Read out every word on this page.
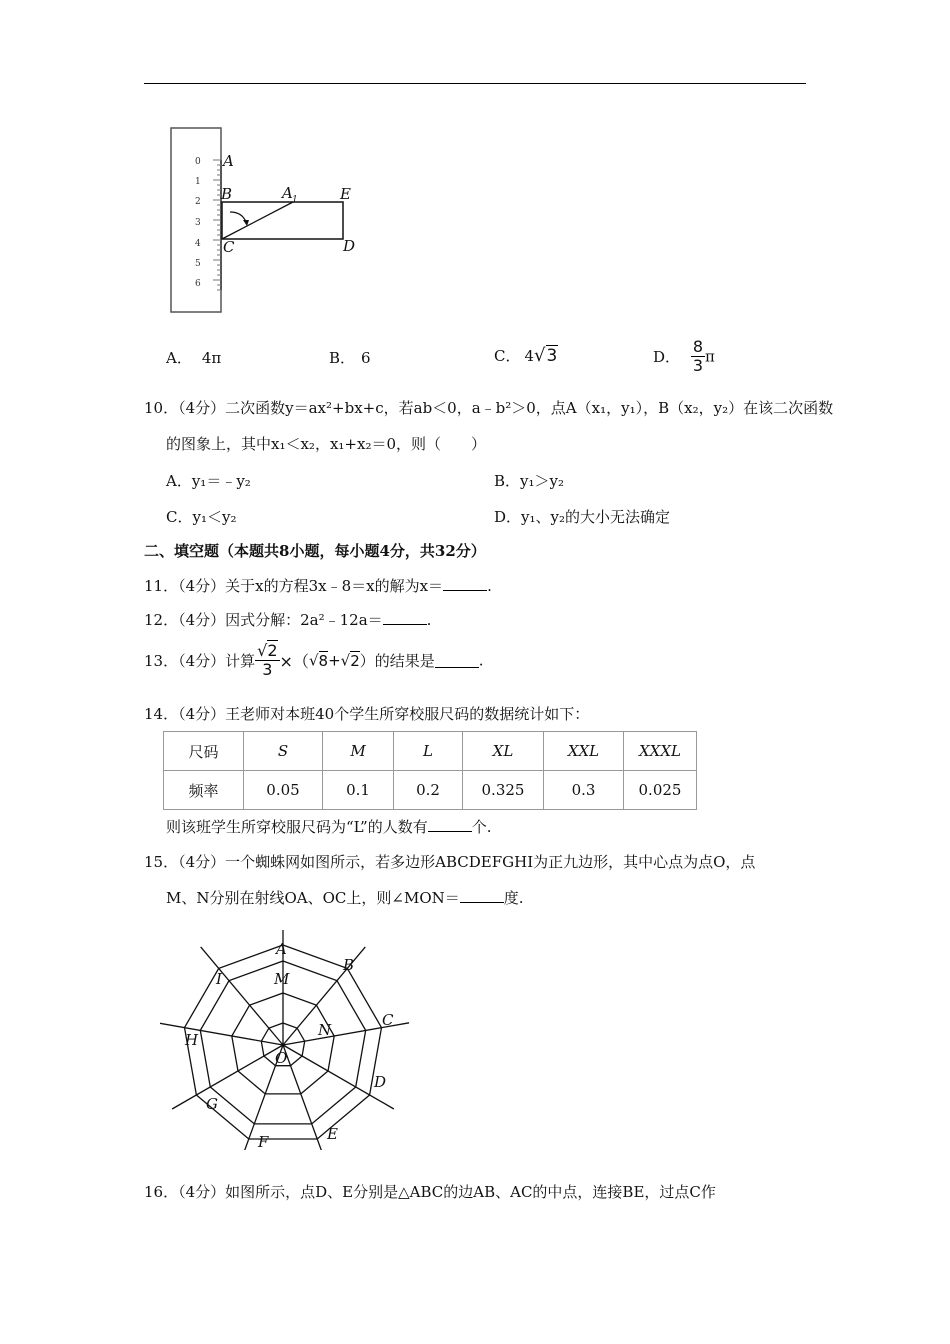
0
1
2
3
4
5
6
A
B
C	D
E
A 1
A． 4π	B． 6	C． 4√3	D． $\frac{8}{3}$ π
10．（4分）二次函数y＝ax²+bx+c，若ab＜0，a﹣b²＞0，点A（x₁，y₁），B（x₂，y₂）在该二次函数
的图象上，其中x₁＜x₂，x₁+x₂＝0，则（　　）
A．y₁＝﹣y₂	B．y₁＞y₂
C．y₁＜y₂	D．y₁、y₂的大小无法确定
二、填空题（本题共8小题，每小题4分，共32分）
11．（4分）关于x的方程3x﹣8＝x的解为x＝	.
12．（4分）因式分解：2a²﹣12a＝	.
13．（4分）计算 $\frac{√2}{3} \times(√8+√2)$的结果是	.
14．（4分）王老师对本班40个学生所穿校服尺码的数据统计如下：
尺码	S	M	L	XL	XXL	XXXL
频率	0.05	0.1	0.2	0.325	0.3	0.025
则该班学生所穿校服尺码为“L”的人数有	个.
15．（4分）一个蜘蛛网如图所示，若多边形ABCDEFGHI为正九边形，其中心点为点O，点
M、N分别在射线OA、OC上，则∠MON＝	度.
A
B
C
D
E
F
G
H
I	M
N
O
16．（4分）如图所示，点D、E分别是△ABC的边AB、AC的中点，连接BE，过点C作
